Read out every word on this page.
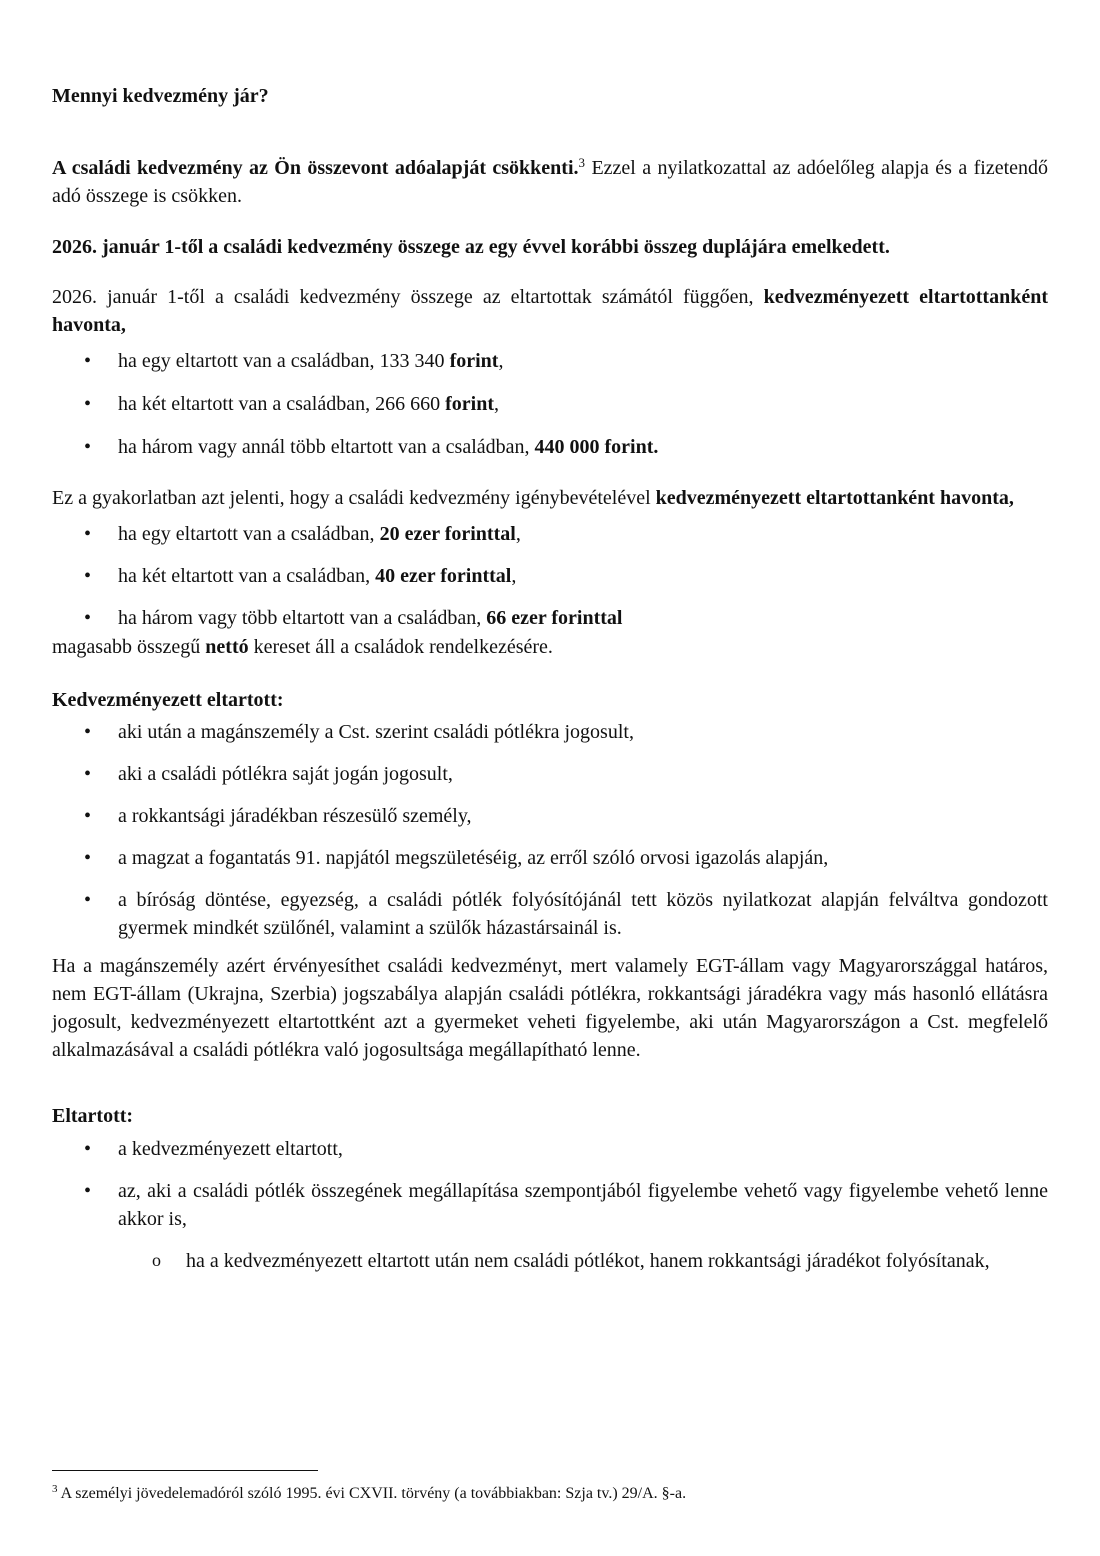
Mennyi kedvezmény jár?

A családi kedvezmény az Ön összevont adóalapját csökkenti.$^3$ Ezzel a nyilatkozattal az adóelőleg alapja és a fizetendő adó összege is csökken.

2026. január 1-től a családi kedvezmény összege az egy évvel korábbi összeg duplájára emelkedett.

2026. január 1-től a családi kedvezmény összege az eltartottak számától függően, kedvezményezett eltartottanként havonta,

• ha egy eltartott van a családban, 133 340 forint,
• ha két eltartott van a családban, 266 660 forint,
• ha három vagy annál több eltartott van a családban, 440 000 forint.

Ez a gyakorlatban azt jelenti, hogy a családi kedvezmény igénybevételével kedvezményezett eltartottanként havonta,

• ha egy eltartott van a családban, 20 ezer forinttal,
• ha két eltartott van a családban, 40 ezer forinttal,
• ha három vagy több eltartott van a családban, 66 ezer forinttal

magasabb összegű nettó kereset áll a családok rendelkezésére.

Kedvezményezett eltartott:

• aki után a magánszemély a Cst. szerint családi pótlékra jogosult,
• aki a családi pótlékra saját jogán jogosult,
• a rokkantsági járadékban részesülő személy,
• a magzat a fogantatás 91. napjától megszületéséig, az erről szóló orvosi igazolás alapján,
• a bíróság döntése, egyezség, a családi pótlék folyósítójánál tett közös nyilatkozat alapján felváltva gondozott gyermek mindkét szülőnél, valamint a szülők házastársainál is.

Ha a magánszemély azért érvényesíthet családi kedvezményt, mert valamely EGT-állam vagy Magyarországgal határos, nem EGT-állam (Ukrajna, Szerbia) jogszabálya alapján családi pótlékra, rokkantsági járadékra vagy más hasonló ellátásra jogosult, kedvezményezett eltartottként azt a gyermeket veheti figyelembe, aki után Magyarországon a Cst. megfelelő alkalmazásával a családi pótlékra való jogosultsága megállapítható lenne.

Eltartott:

• a kedvezményezett eltartott,
• az, aki a családi pótlék összegének megállapítása szempontjából figyelembe vehető vagy figyelembe vehető lenne akkor is,
o ha a kedvezményezett eltartott után nem családi pótlékot, hanem rokkantsági járadékot folyósítanak,
$^3$ A személyi jövedelemadóról szóló 1995. évi CXVII. törvény (a továbbiakban: Szja tv.) 29/A. §-a.
